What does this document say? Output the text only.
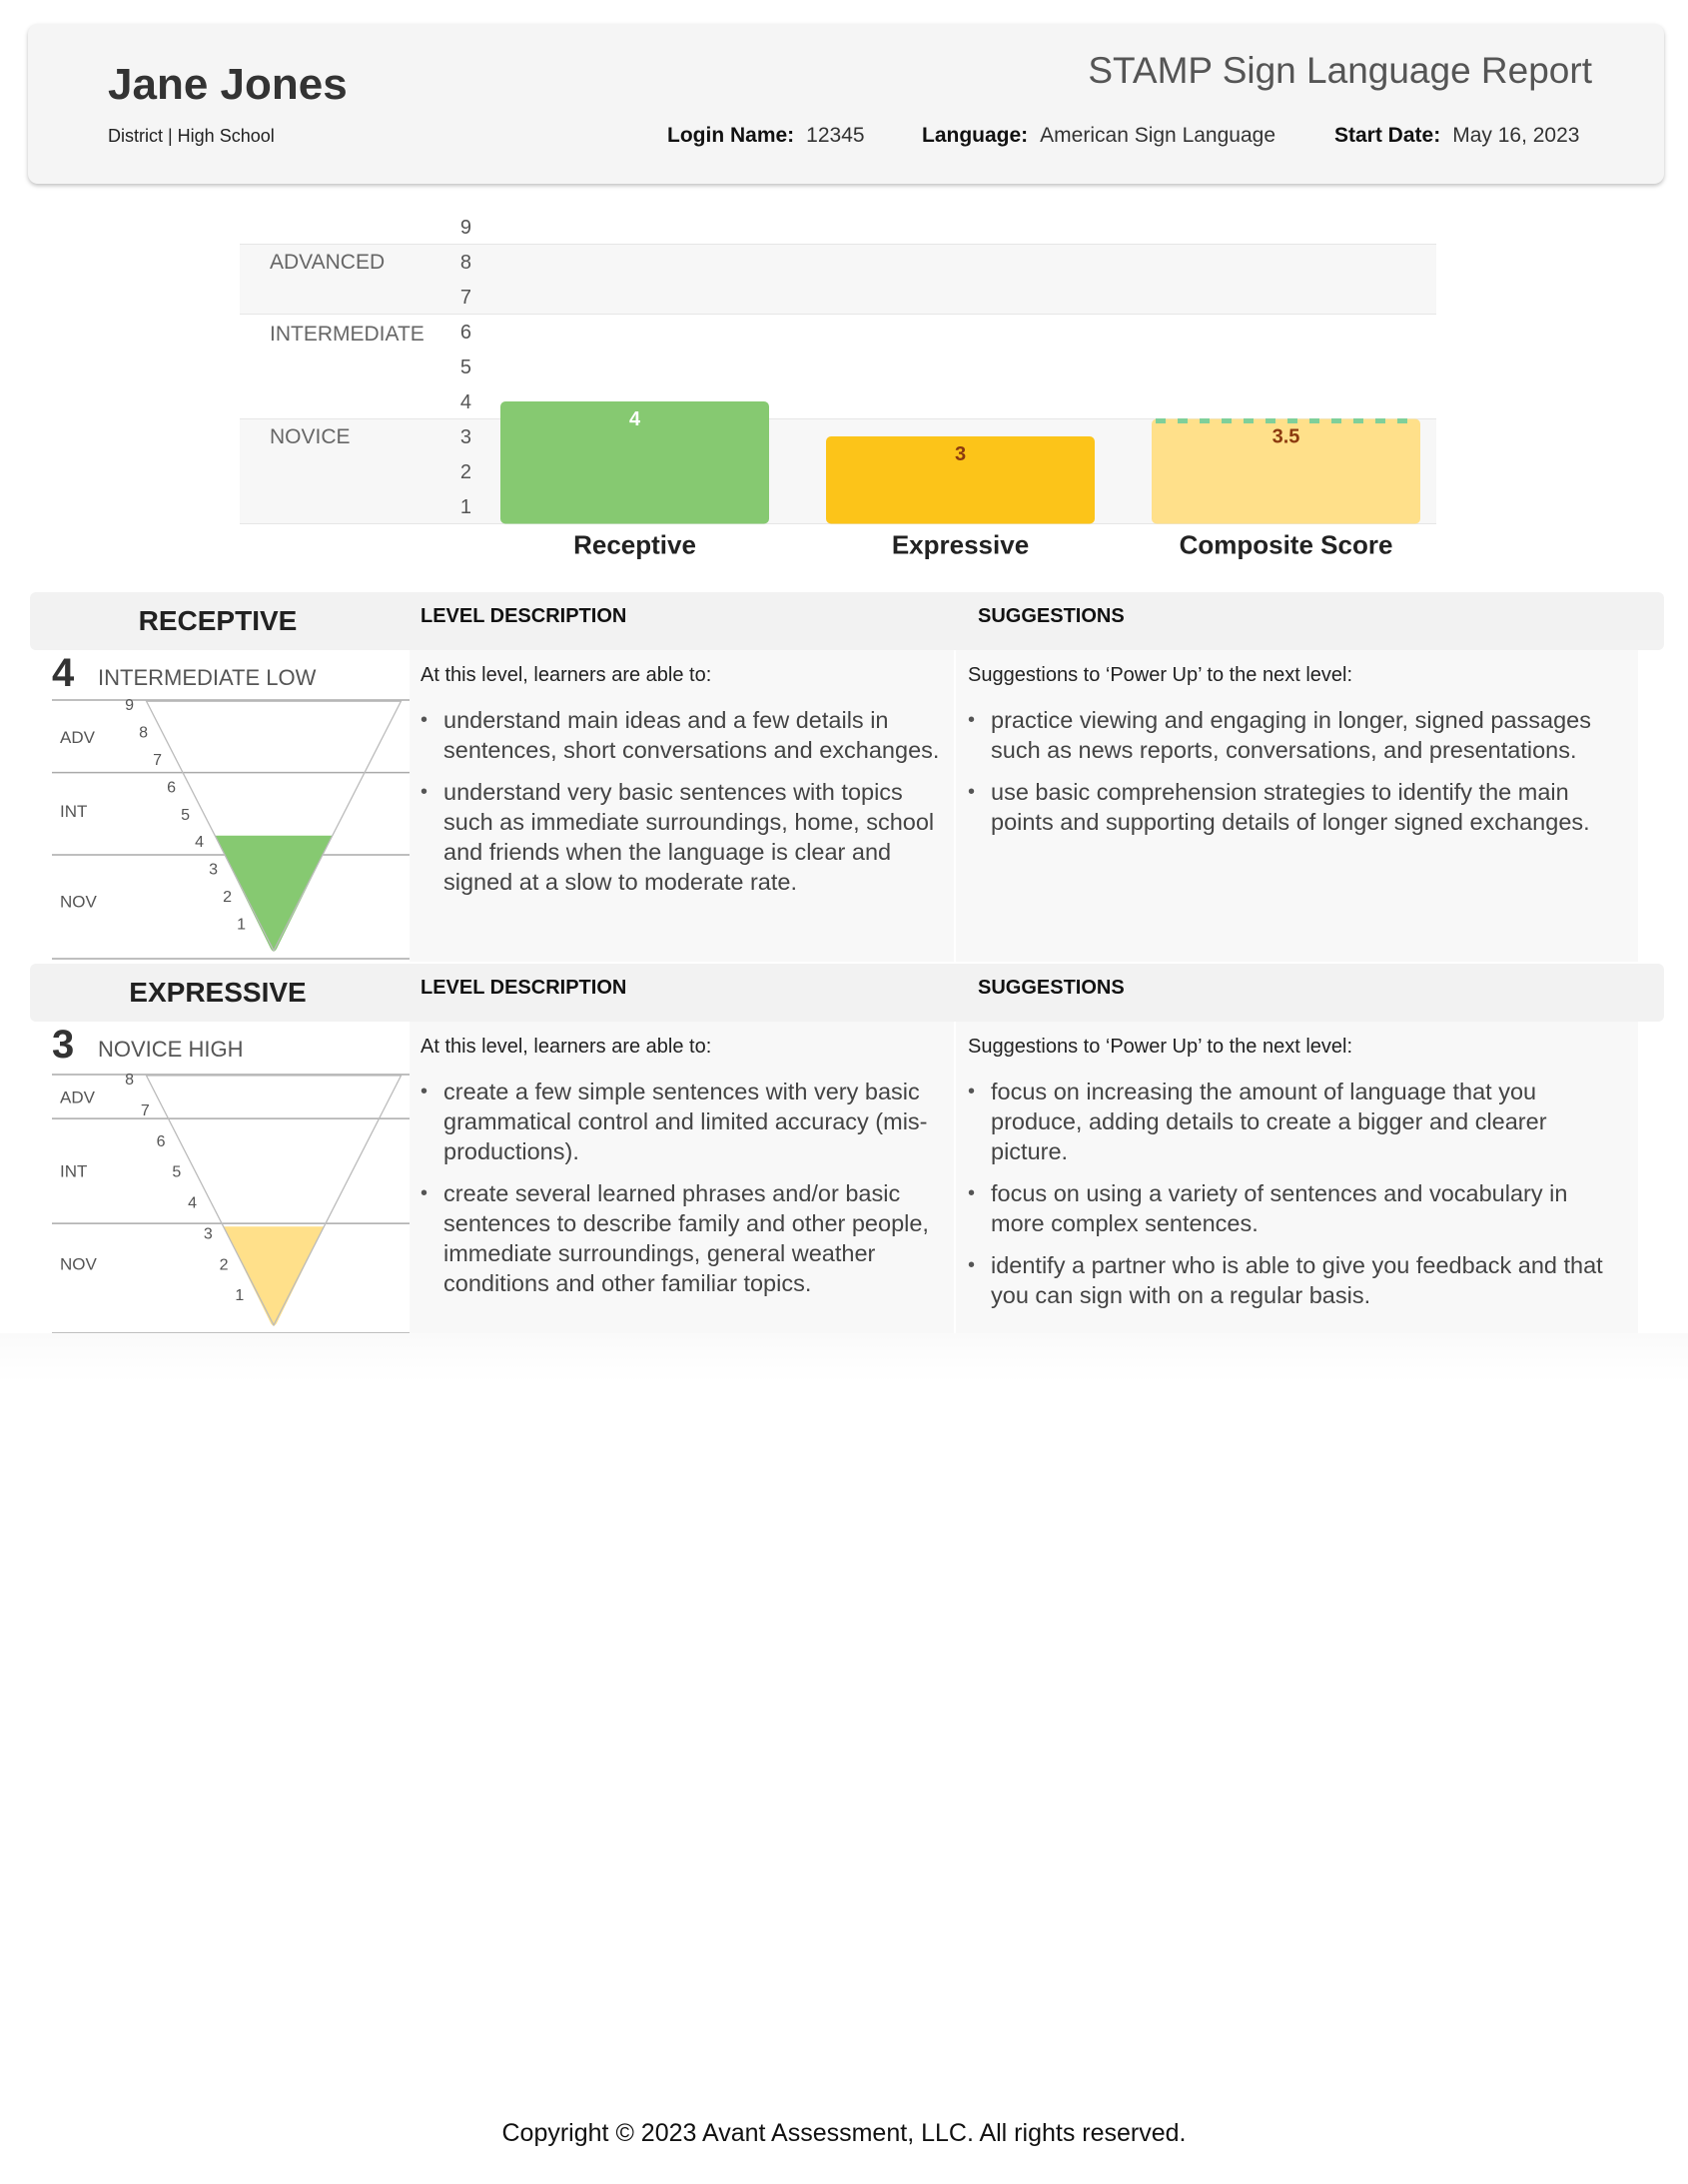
Jane Jones
District | High School
STAMP Sign Language Report
Login Name: 12345	Language: American Sign Language	Start Date: May 16, 2023
ADVANCED
INTERMEDIATE
NOVICE
9
8
7
6
5
4
3
2
1
4
Receptive
3
Expressive
3.5
Composite Score
RECEPTIVE	LEVEL DESCRIPTION	SUGGESTIONS
4 INTERMEDIATE LOW
9
8
7
6
5
4
3
2
1
ADV
INT
NOV
At this level, learners are able to:
• understand main ideas and a few details in sentences, short conversations and exchanges.
• understand very basic sentences with topics such as immediate surroundings, home, school and friends when the language is clear and signed at a slow to moderate rate.
Suggestions to ‘Power Up’ to the next level:
• practice viewing and engaging in longer, signed passages such as news reports, conversations, and presentations.
• use basic comprehension strategies to identify the main points and supporting details of longer signed exchanges.
EXPRESSIVE	LEVEL DESCRIPTION	SUGGESTIONS
3 NOVICE HIGH
8
7
6
5
4
3
2
1
ADV
INT
NOV
At this level, learners are able to:
• create a few simple sentences with very basic grammatical control and limited accuracy (mis-productions).
• create several learned phrases and/or basic sentences to describe family and other people, immediate surroundings, general weather conditions and other familiar topics.
Suggestions to ‘Power Up’ to the next level:
• focus on increasing the amount of language that you produce, adding details to create a bigger and clearer picture.
• focus on using a variety of sentences and vocabulary in more complex sentences.
• identify a partner who is able to give you feedback and that you can sign with on a regular basis.
Copyright © 2023 Avant Assessment, LLC. All rights reserved.
